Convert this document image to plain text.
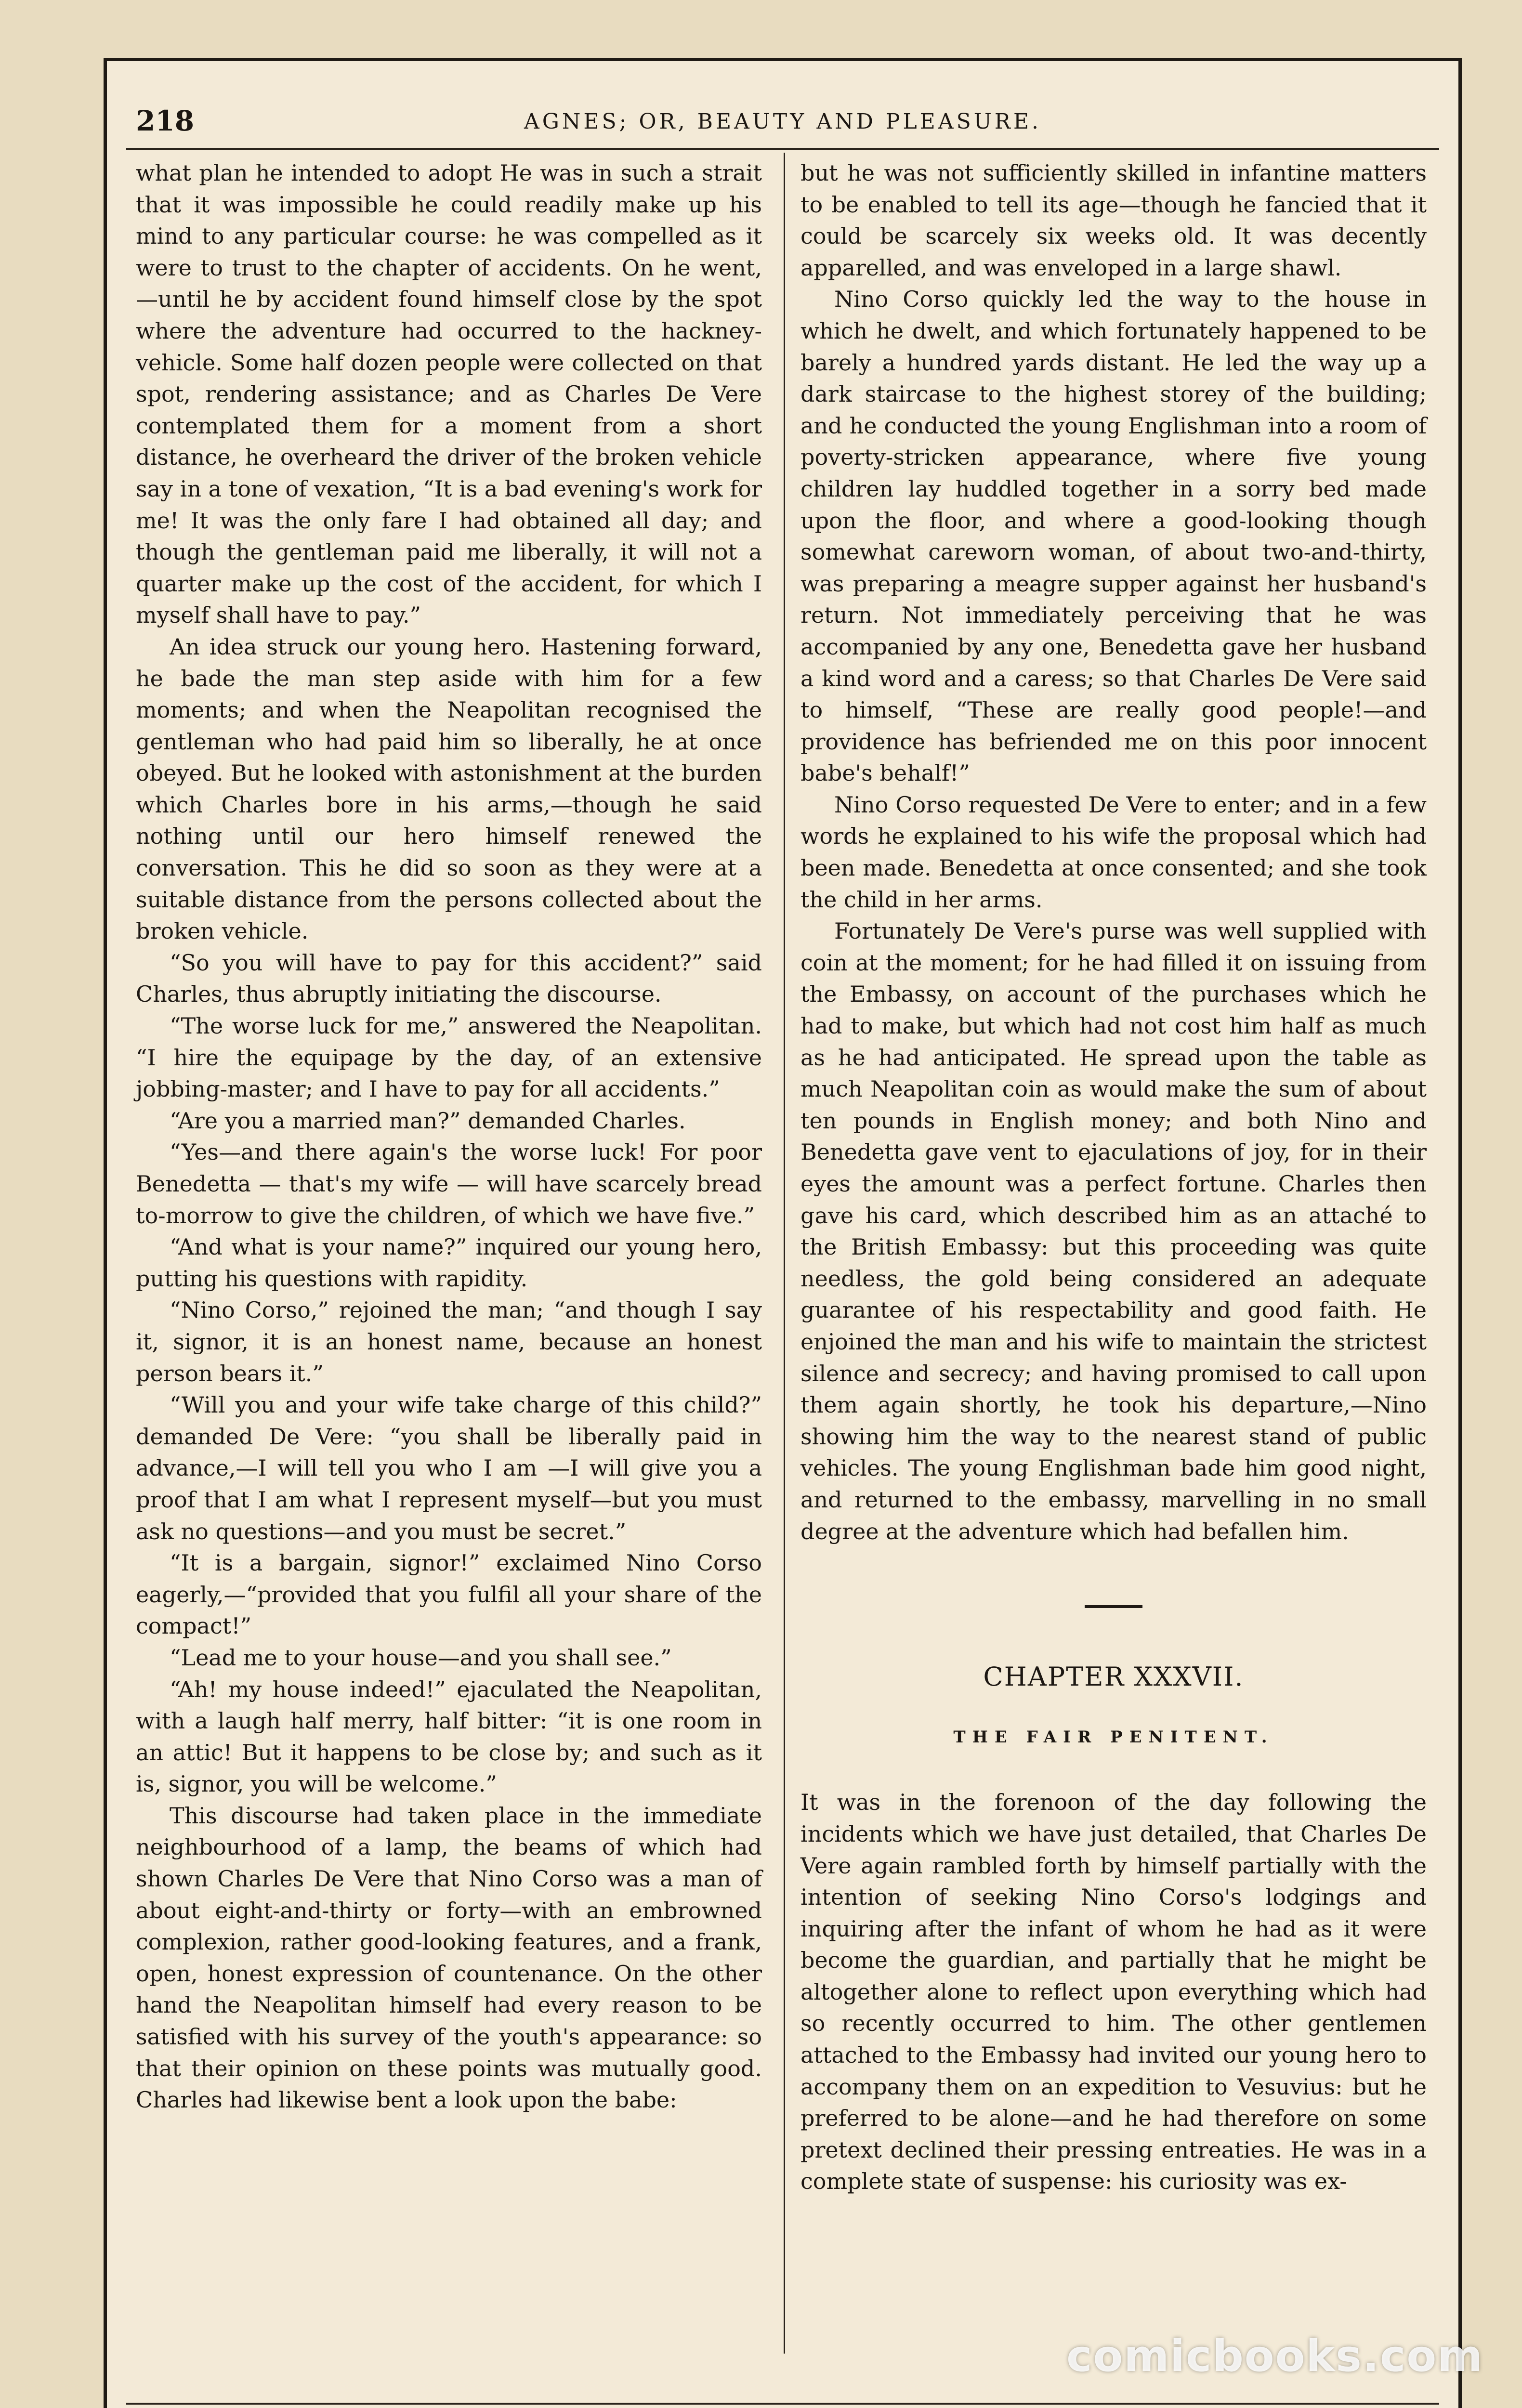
218	AGNES; OR, BEAUTY AND PLEASURE.

what plan he intended to adopt He was in such a strait that it was impossible he could readily make up his mind to any particular course: he was compelled as it were to trust to the chapter of accidents. On he went,—until he by accident found himself close by the spot where the adventure had occurred to the hackney-vehicle. Some half dozen people were collected on that spot, rendering assistance; and as Charles De Vere contemplated them for a moment from a short distance, he overheard the driver of the broken vehicle say in a tone of vexation, “It is a bad evening's work for me! It was the only fare I had obtained all day; and though the gentleman paid me liberally, it will not a quarter make up the cost of the accident, for which I myself shall have to pay.”

An idea struck our young hero. Hastening forward, he bade the man step aside with him for a few moments; and when the Neapolitan recognised the gentleman who had paid him so liberally, he at once obeyed. But he looked with astonishment at the burden which Charles bore in his arms,—though he said nothing until our hero himself renewed the conversation. This he did so soon as they were at a suitable distance from the persons collected about the broken vehicle.

“So you will have to pay for this accident?” said Charles, thus abruptly initiating the discourse.

“The worse luck for me,” answered the Neapolitan. “I hire the equipage by the day, of an extensive jobbing-master; and I have to pay for all accidents.”

“Are you a married man?” demanded Charles.

“Yes—and there again's the worse luck! For poor Benedetta — that's my wife — will have scarcely bread to-morrow to give the children, of which we have five.”

“And what is your name?” inquired our young hero, putting his questions with rapidity.

“Nino Corso,” rejoined the man; “and though I say it, signor, it is an honest name, because an honest person bears it.”

“Will you and your wife take charge of this child?” demanded De Vere: “you shall be liberally paid in advance,—I will tell you who I am —I will give you a proof that I am what I represent myself—but you must ask no questions—and you must be secret.”

“It is a bargain, signor!” exclaimed Nino Corso eagerly,—“provided that you fulfil all your share of the compact!”

“Lead me to your house—and you shall see.”

“Ah! my house indeed!” ejaculated the Neapolitan, with a laugh half merry, half bitter: “it is one room in an attic! But it happens to be close by; and such as it is, signor, you will be welcome.”

This discourse had taken place in the immediate neighbourhood of a lamp, the beams of which had shown Charles De Vere that Nino Corso was a man of about eight-and-thirty or forty—with an embrowned complexion, rather good-looking features, and a frank, open, honest expression of countenance. On the other hand the Neapolitan himself had every reason to be satisfied with his survey of the youth's appearance: so that their opinion on these points was mutually good. Charles had likewise bent a look upon the babe:

but he was not sufficiently skilled in infantine matters to be enabled to tell its age—though he fancied that it could be scarcely six weeks old. It was decently apparelled, and was enveloped in a large shawl.

Nino Corso quickly led the way to the house in which he dwelt, and which fortunately happened to be barely a hundred yards distant. He led the way up a dark staircase to the highest storey of the building; and he conducted the young Englishman into a room of poverty-stricken appearance, where five young children lay huddled together in a sorry bed made upon the floor, and where a good-looking though somewhat careworn woman, of about two-and-thirty, was preparing a meagre supper against her husband's return. Not immediately perceiving that he was accompanied by any one, Benedetta gave her husband a kind word and a caress; so that Charles De Vere said to himself, “These are really good people!—and providence has befriended me on this poor innocent babe's behalf!”

Nino Corso requested De Vere to enter; and in a few words he explained to his wife the proposal which had been made. Benedetta at once consented; and she took the child in her arms.

Fortunately De Vere's purse was well supplied with coin at the moment; for he had filled it on issuing from the Embassy, on account of the purchases which he had to make, but which had not cost him half as much as he had anticipated. He spread upon the table as much Neapolitan coin as would make the sum of about ten pounds in English money; and both Nino and Benedetta gave vent to ejaculations of joy, for in their eyes the amount was a perfect fortune. Charles then gave his card, which described him as an attaché to the British Embassy: but this proceeding was quite needless, the gold being considered an adequate guarantee of his respectability and good faith. He enjoined the man and his wife to maintain the strictest silence and secrecy; and having promised to call upon them again shortly, he took his departure,—Nino showing him the way to the nearest stand of public vehicles. The young Englishman bade him good night, and returned to the embassy, marvelling in no small degree at the adventure which had befallen him.

CHAPTER XXXVII.
THE FAIR PENITENT.

It was in the forenoon of the day following the incidents which we have just detailed, that Charles De Vere again rambled forth by himself partially with the intention of seeking Nino Corso's lodgings and inquiring after the infant of whom he had as it were become the guardian, and partially that he might be altogether alone to reflect upon everything which had so recently occurred to him. The other gentlemen attached to the Embassy had invited our young hero to accompany them on an expedition to Vesuvius: but he preferred to be alone—and he had therefore on some pretext declined their pressing entreaties. He was in a complete state of suspense: his curiosity was ex-

comicbooks.com
